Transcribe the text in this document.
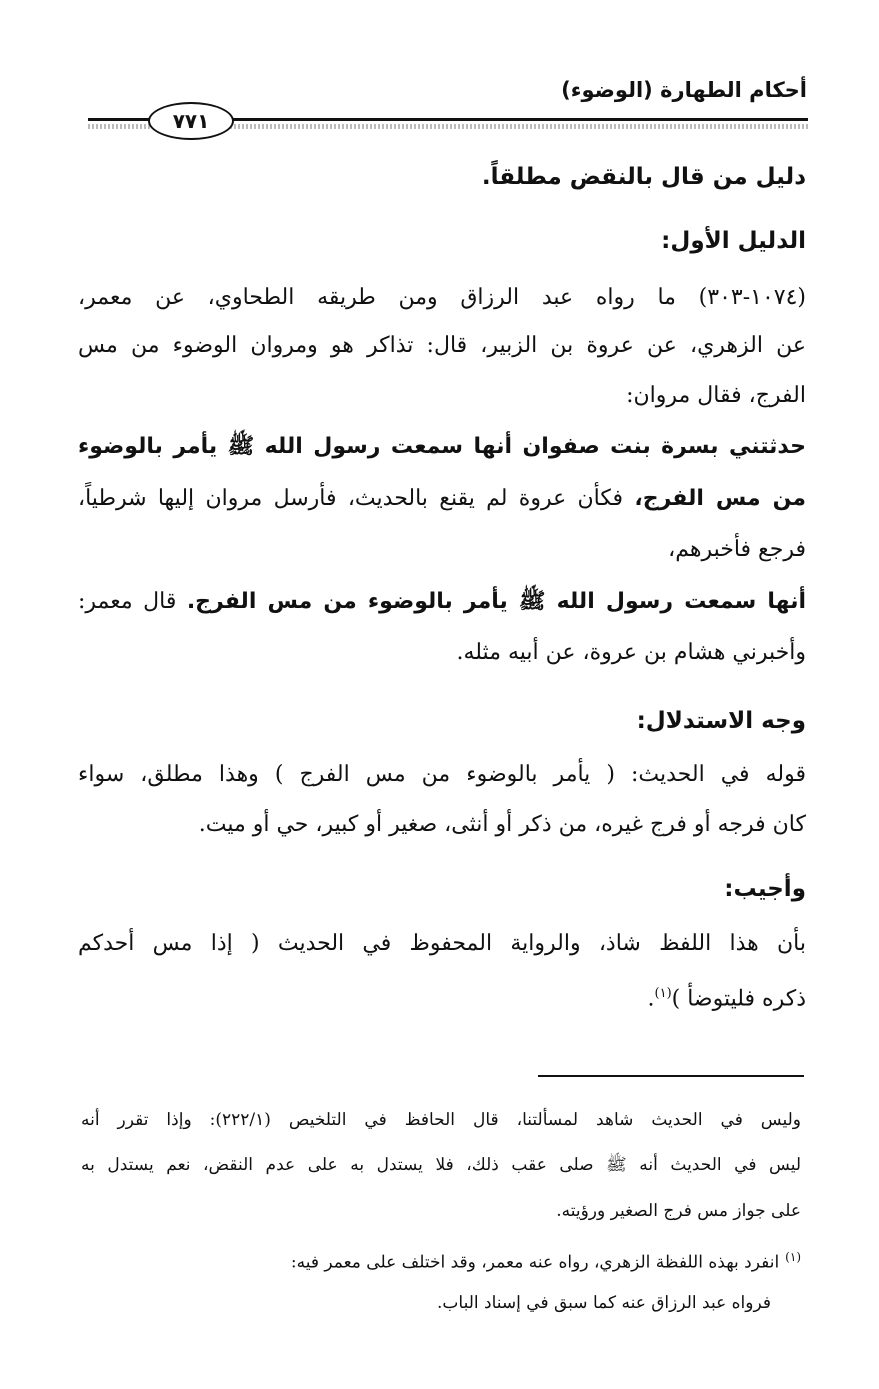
أحكام الطهارة (الوضوء)
٧٧١
دليل من قال بالنقض مطلقاً.
الدليل الأول:
(١٠٧٤-٣٠٣) ما رواه عبد الرزاق ومن طريقه الطحاوي، عن معمر،
عن الزهري، عن عروة بن الزبير، قال: تذاكر هو ومروان الوضوء من مس
الفرج، فقال مروان:
حدثتني بسرة بنت صفوان أنها سمعت رسول الله ﷺ يأمر بالوضوء
من مس الفرج، فكأن عروة لم يقنع بالحديث، فأرسل مروان إليها شرطياً،
فرجع فأخبرهم،
أنها سمعت رسول الله ﷺ يأمر بالوضوء من مس الفرج. قال معمر:
وأخبرني هشام بن عروة، عن أبيه مثله.
وجه الاستدلال:
قوله في الحديث: ( يأمر بالوضوء من مس الفرج ) وهذا مطلق، سواء
كان فرجه أو فرج غيره، من ذكر أو أنثى، صغير أو كبير، حي أو ميت.
وأجيب:
بأن هذا اللفظ شاذ، والرواية المحفوظ في الحديث ( إذا مس أحدكم
ذكره فليتوضأ )$^{(١)}$.
وليس في الحديث شاهد لمسألتنا، قال الحافظ في التلخيص (٢٢٢/١): وإذا تقرر أنه
ليس في الحديث أنه ﷺ صلى عقب ذلك، فلا يستدل به على عدم النقض، نعم يستدل به
على جواز مس فرج الصغير ورؤيته.
$^{(١)}$انفرد بهذه اللفظة الزهري، رواه عنه معمر، وقد اختلف على معمر فيه:
فرواه عبد الرزاق عنه كما سبق في إسناد الباب.
